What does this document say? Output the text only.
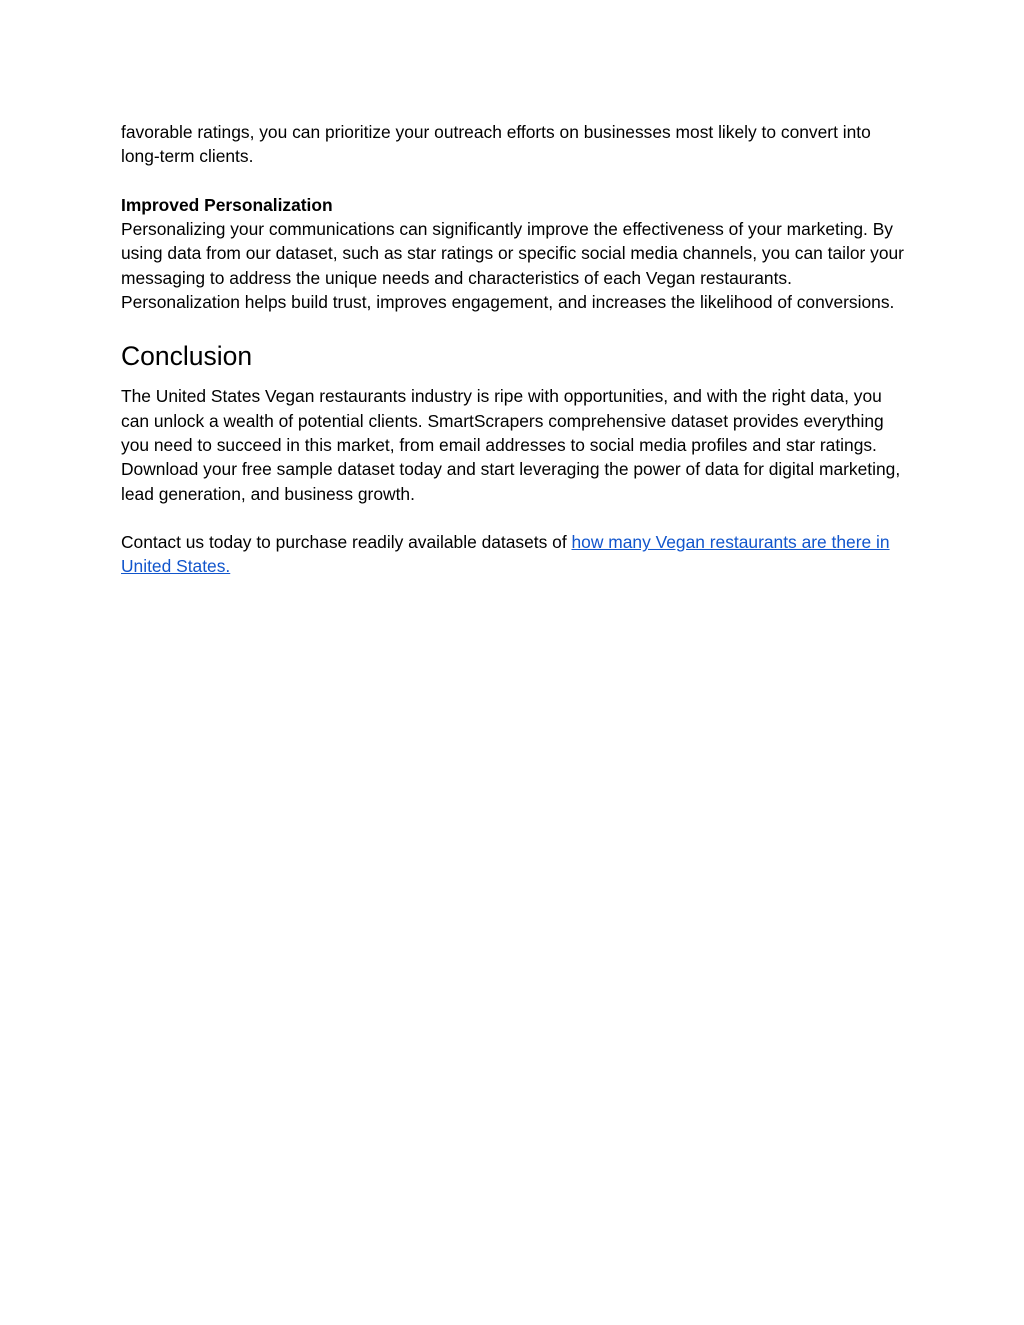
favorable ratings, you can prioritize your outreach efforts on businesses most likely to convert into long-term clients.

Improved Personalization

Personalizing your communications can significantly improve the effectiveness of your marketing. By using data from our dataset, such as star ratings or specific social media channels, you can tailor your messaging to address the unique needs and characteristics of each Vegan restaurants. Personalization helps build trust, improves engagement, and increases the likelihood of conversions.

Conclusion

The United States Vegan restaurants industry is ripe with opportunities, and with the right data, you can unlock a wealth of potential clients. SmartScrapers comprehensive dataset provides everything you need to succeed in this market, from email addresses to social media profiles and star ratings. Download your free sample dataset today and start leveraging the power of data for digital marketing, lead generation, and business growth.

Contact us today to purchase readily available datasets of how many Vegan restaurants are there in United States.
